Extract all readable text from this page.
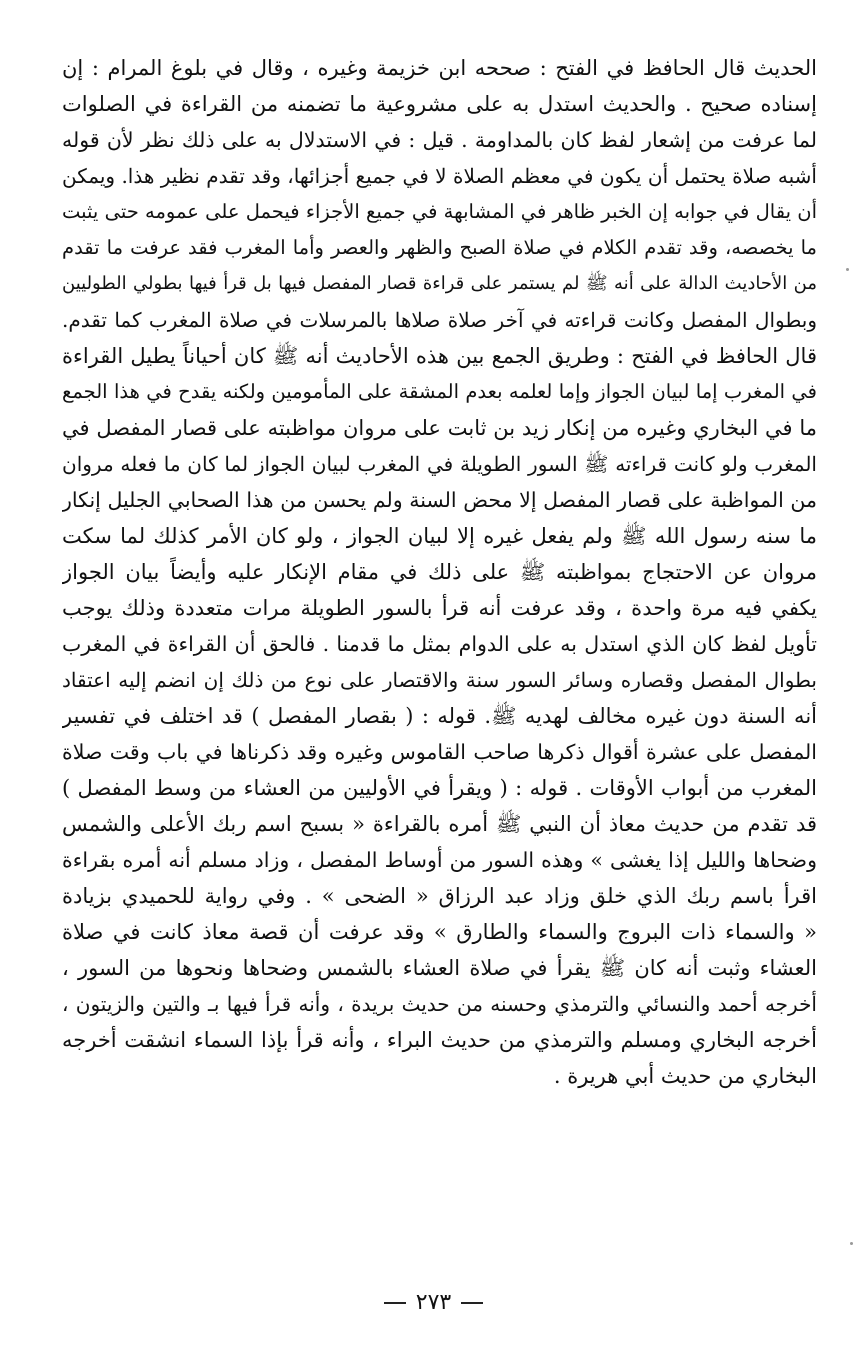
الحديث قال الحافظ في الفتح : صححه ابن خزيمة وغيره ، وقال في بلوغ المرام : إن
إسناده صحيح . والحديث استدل به على مشروعية ما تضمنه من القراءة في الصلوات
لما عرفت من إشعار لفظ كان بالمداومة . قيل : في الاستدلال به على ذلك نظر لأن قوله
أشبه صلاة يحتمل أن يكون في معظم الصلاة لا في جميع أجزائها، وقد تقدم نظير هذا. ويمكن
أن يقال في جوابه إن الخبر ظاهر في المشابهة في جميع الأجزاء فيحمل على عمومه حتى يثبت
ما يخصصه، وقد تقدم الكلام في صلاة الصبح والظهر والعصر وأما المغرب فقد عرفت ما تقدم
من الأحاديث الدالة على أنه ﷺ لم يستمر على قراءة قصار المفصل فيها بل قرأ فيها بطولي الطوليين
وبطوال المفصل وكانت قراءته في آخر صلاة صلاها بالمرسلات في صلاة المغرب كما تقدم.
قال الحافظ في الفتح : وطريق الجمع بين هذه الأحاديث أنه ﷺ كان أحياناً يطيل القراءة
في المغرب إما لبيان الجواز وإما لعلمه بعدم المشقة على المأمومين ولكنه يقدح في هذا الجمع
ما في البخاري وغيره من إنكار زيد بن ثابت على مروان مواظبته على قصار المفصل في
المغرب ولو كانت قراءته ﷺ السور الطويلة في المغرب لبيان الجواز لما كان ما فعله مروان
من المواظبة على قصار المفصل إلا محض السنة ولم يحسن من هذا الصحابي الجليل إنكار
ما سنه رسول الله ﷺ ولم يفعل غيره إلا لبيان الجواز ، ولو كان الأمر كذلك لما سكت
مروان عن الاحتجاج بمواظبته ﷺ على ذلك في مقام الإنكار عليه وأيضاً بيان الجواز
يكفي فيه مرة واحدة ، وقد عرفت أنه قرأ بالسور الطويلة مرات متعددة وذلك يوجب
تأويل لفظ كان الذي استدل به على الدوام بمثل ما قدمنا . فالحق أن القراءة في المغرب
بطوال المفصل وقصاره وسائر السور سنة والاقتصار على نوع من ذلك إن انضم إليه اعتقاد
أنه السنة دون غيره مخالف لهديه ﷺ. قوله : ( بقصار المفصل ) قد اختلف في تفسير
المفصل على عشرة أقوال ذكرها صاحب القاموس وغيره وقد ذكرناها في باب وقت صلاة
المغرب من أبواب الأوقات . قوله : ( ويقرأ في الأولیین من العشاء من وسط المفصل )
قد تقدم من حديث معاذ أن النبي ﷺ أمره بالقراءة « بسبح اسم ربك الأعلى والشمس
وضحاها والليل إذا يغشى » وهذه السور من أوساط المفصل ، وزاد مسلم أنه أمره بقراءة
اقرأ باسم ربك الذي خلق وزاد عبد الرزاق « الضحى » . وفي رواية للحميدي بزيادة
« والسماء ذات البروج والسماء والطارق » وقد عرفت أن قصة معاذ كانت في صلاة
العشاء وثبت أنه كان ﷺ يقرأ في صلاة العشاء بالشمس وضحاها ونحوها من السور ،
أخرجه أحمد والنسائي والترمذي وحسنه من حديث بريدة ، وأنه قرأ فيها بـ والتين والزيتون ،
أخرجه البخاري ومسلم والترمذي من حديث البراء ، وأنه قرأ بإذا السماء انشقت أخرجه
البخاري من حديث أبي هريرة .
٢٧٣
